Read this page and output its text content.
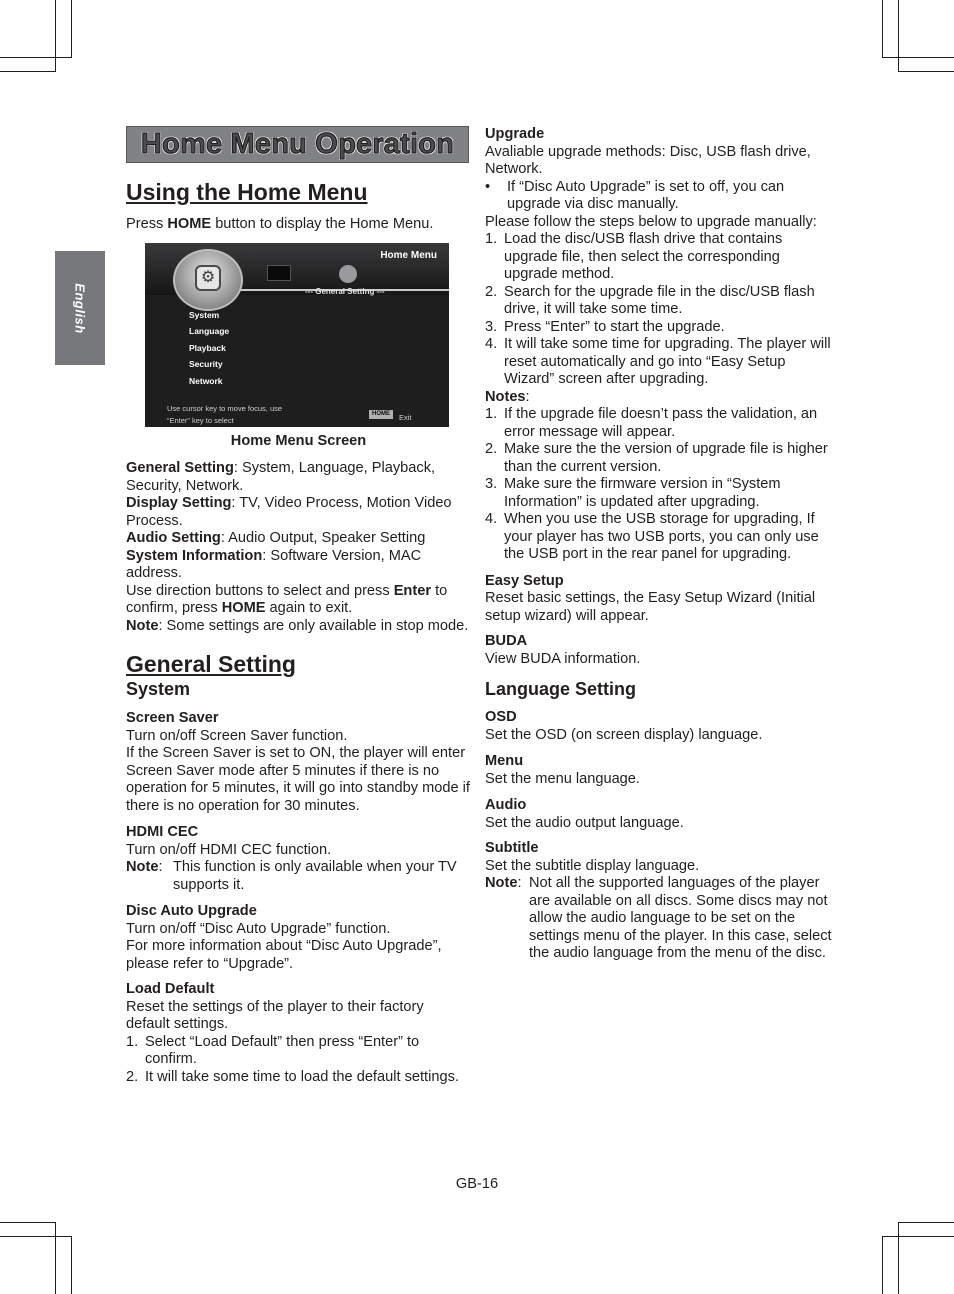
English
Home Menu Operation
Using the Home Menu

Press HOME button to display the Home Menu.

⚙
Home Menu
--- General Setting ---
System
Language
Playback
Security
Network
Use cursor key to move focus, use
“Enter” key to select
HOME	Exit
Home Menu Screen

General Setting: System, Language, Playback, Security, Network.

Display Setting: TV, Video Process, Motion Video Process.

Audio Setting: Audio Output, Speaker Setting

System Information: Software Version, MAC address.

Use direction buttons to select and press Enter to confirm, press HOME again to exit.

Note: Some settings are only available in stop mode.

General Setting
System
Screen Saver

Turn on/off Screen Saver function.

If the Screen Saver is set to ON, the player will enter Screen Saver mode after 5 minutes if there is no operation for 5 minutes, it will go into standby mode if there is no operation for 30 minutes.

HDMI CEC

Turn on/off HDMI CEC function.

Note: This function is only available when your TV supports it.
Disc Auto Upgrade

Turn on/off “Disc Auto Upgrade” function.

For more information about “Disc Auto Upgrade”, please refer to “Upgrade”.

Load Default

Reset the settings of the player to their factory default settings.

1. Select “Load Default” then press “Enter” to confirm.
2. It will take some time to load the default settings.
Upgrade

Avaliable upgrade methods: Disc, USB flash drive, Network.

•	If “Disc Auto Upgrade” is set to off, you can upgrade via disc manually.

Please follow the steps below to upgrade manually:

1. Load the disc/USB flash drive that contains upgrade file, then select the corresponding upgrade method.
2. Search for the upgrade file in the disc/USB flash drive, it will take some time.
3. Press “Enter” to start the upgrade.
4. It will take some time for upgrading. The player will reset automatically and go into “Easy Setup Wizard” screen after upgrading.

Notes:

1. If the upgrade file doesn’t pass the validation, an error message will appear.
2. Make sure the the version of upgrade file is higher than the current version.
3. Make sure the firmware version in “System Information” is updated after upgrading.
4. When you use the USB storage for upgrading, If your player has two USB ports, you can only use the USB port in the rear panel for upgrading.
Easy Setup

Reset basic settings, the Easy Setup Wizard (Initial setup wizard) will appear.

BUDA

View BUDA information.

Language Setting
OSD

Set the OSD (on screen display) language.

Menu

Set the menu language.

Audio

Set the audio output language.

Subtitle

Set the subtitle display language.

Note: Not all the supported languages of the player are available on all discs. Some discs may not allow the audio language to be set on the settings menu of the player. In this case, select the audio language from the menu of the disc.
GB-16
